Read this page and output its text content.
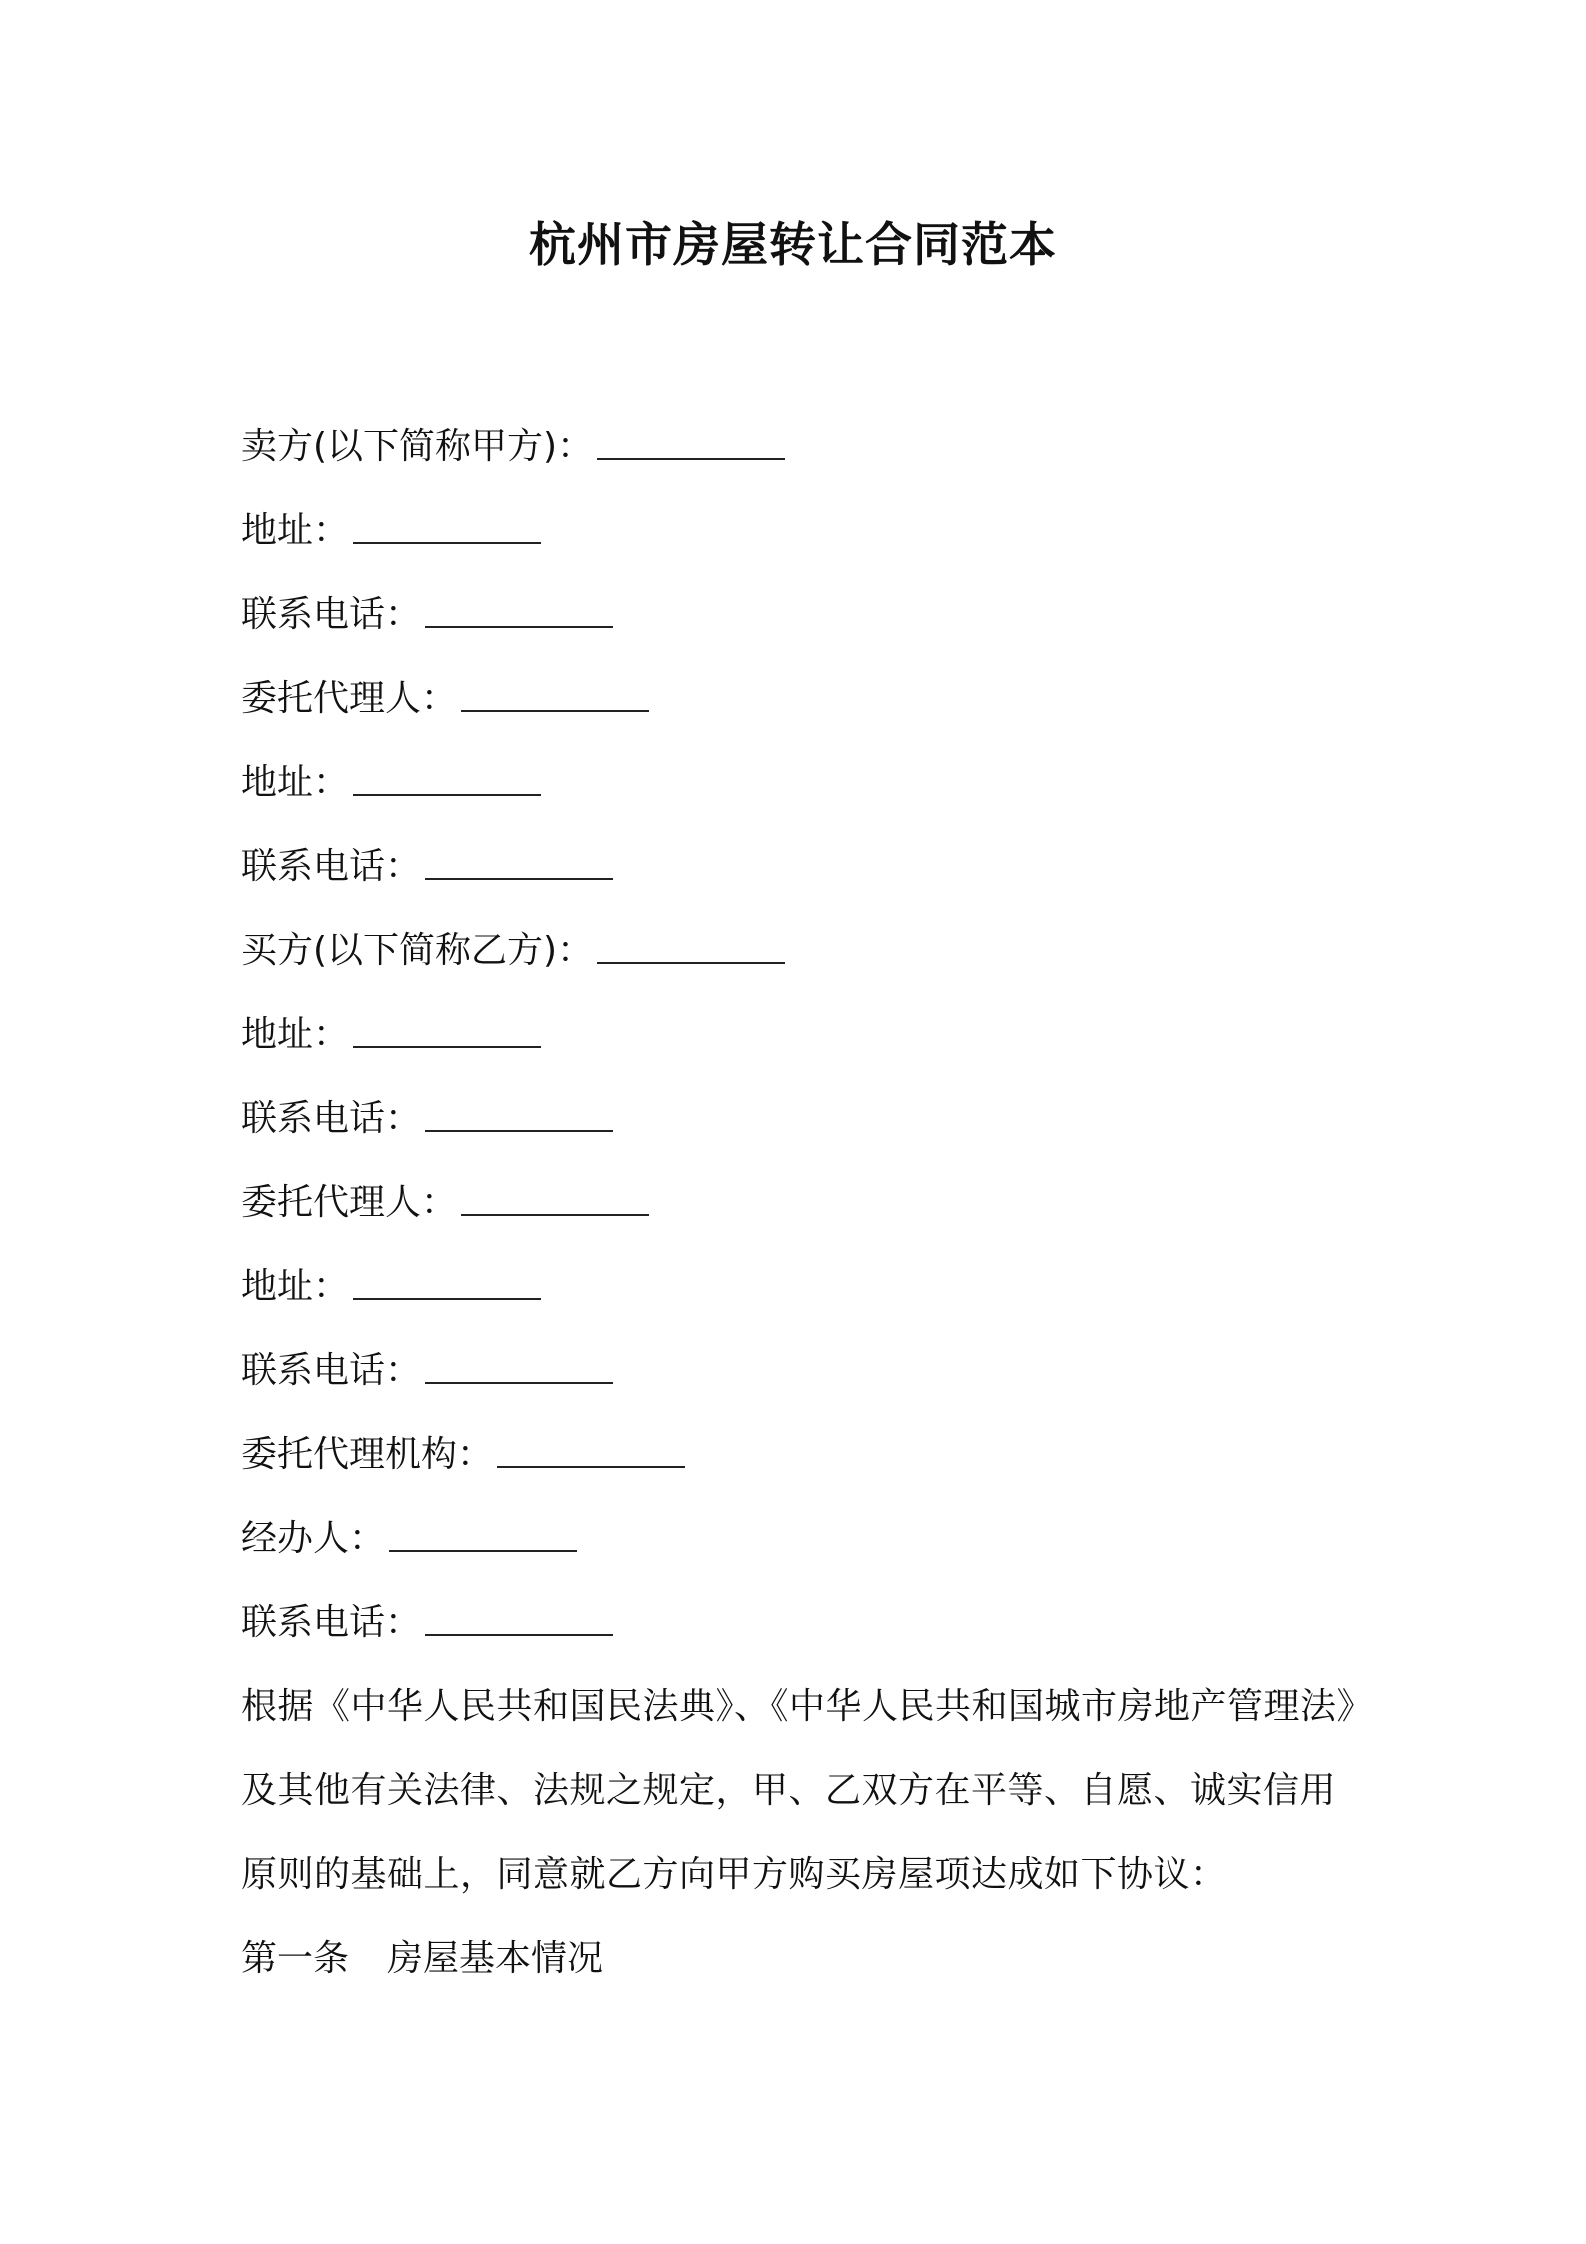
杭州市房屋转让合同范本
卖方(以下简称甲方)：
地址：
联系电话：
委托代理人：
地址：
联系电话：
买方(以下简称乙方)：
地址：
联系电话：
委托代理人：
地址：
联系电话：
委托代理机构：
经办人：
联系电话：
根据《中华人民共和国民法典》、《中华人民共和国城市房地产管理法》
及其他有关法律、法规之规定，甲、乙双方在平等、自愿、诚实信用
原则的基础上，同意就乙方向甲方购买房屋项达成如下协议：
第一条 房屋基本情况
